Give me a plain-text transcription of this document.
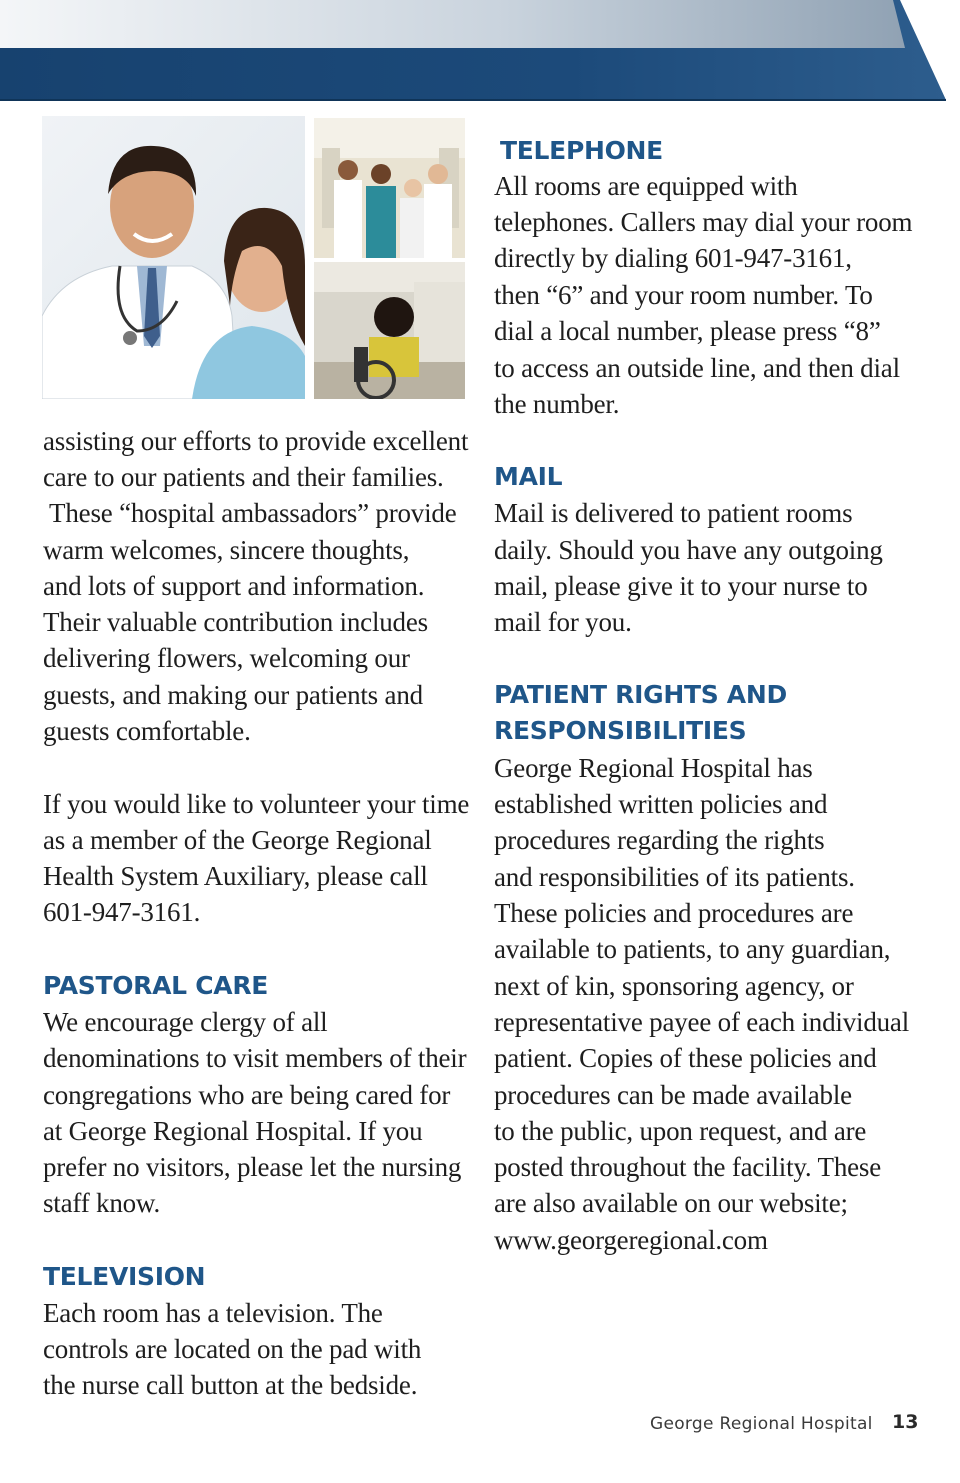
assisting our efforts to provide excellent
care to our patients and their families.
These “hospital ambassadors” provide
warm welcomes, sincere thoughts,
and lots of support and information.
Their valuable contribution includes
delivering flowers, welcoming our
guests, and making our patients and
guests comfortable.
If you would like to volunteer your time
as a member of the George Regional
Health System Auxiliary, please call
601-947-3161.
PASTORAL CARE
We encourage clergy of all
denominations to visit members of their
congregations who are being cared for
at George Regional Hospital. If you
prefer no visitors, please let the nursing
staff know.
TELEVISION
Each room has a television. The
controls are located on the pad with
the nurse call button at the bedside.
TELEPHONE
All rooms are equipped with
telephones. Callers may dial your room
directly by dialing 601-947-3161,
then “6” and your room number. To
dial a local number, please press “8”
to access an outside line, and then dial
the number.
MAIL
Mail is delivered to patient rooms
daily. Should you have any outgoing
mail, please give it to your nurse to
mail for you.
PATIENT RIGHTS AND
RESPONSIBILITIES
George Regional Hospital has
established written policies and
procedures regarding the rights
and responsibilities of its patients.
These policies and procedures are
available to patients, to any guardian,
next of kin, sponsoring agency, or
representative payee of each individual
patient. Copies of these policies and
procedures can be made available
to the public, upon request, and are
posted throughout the facility. These
are also available on our website;
www.georgeregional.com
George Regional Hospital 13
